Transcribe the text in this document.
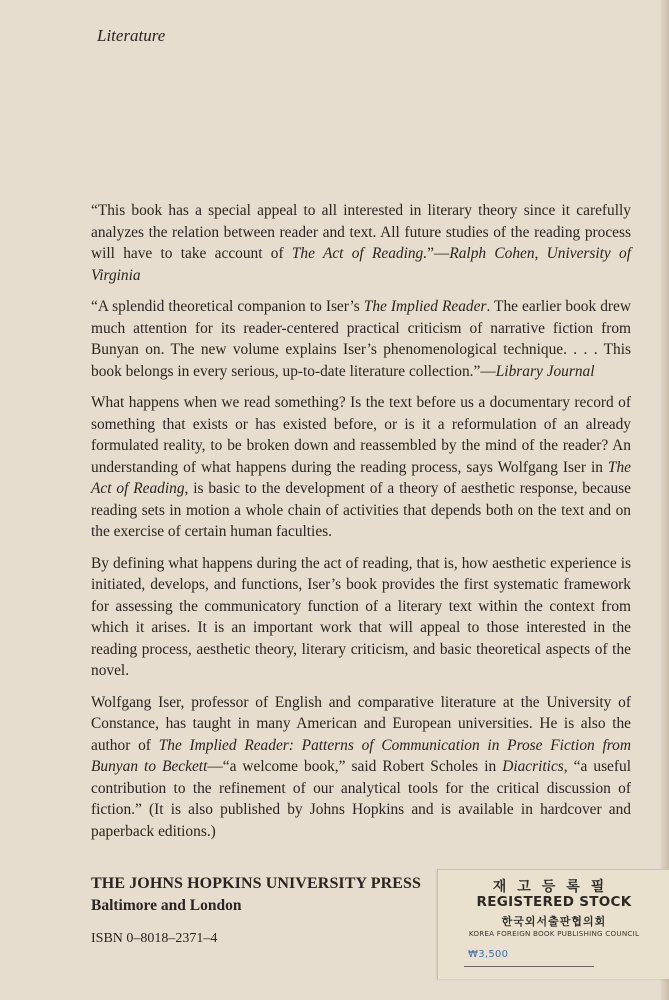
Literature

“This book has a special appeal to all interested in literary theory since it carefully analyzes the relation between reader and text. All future studies of the reading process will have to take account of The Act of Reading.”—Ralph Cohen, University of Virginia

“A splendid theoretical companion to Iser’s The Implied Reader. The earlier book drew much attention for its reader-centered practical criticism of narrative fiction from Bunyan on. The new volume explains Iser’s phenomenological technique. . . . This book belongs in every serious, up-to-date literature collection.”—Library Journal

What happens when we read something? Is the text before us a documentary record of something that exists or has existed before, or is it a reformulation of an already formulated reality, to be broken down and reassembled by the mind of the reader? An understanding of what happens during the reading process, says Wolfgang Iser in The Act of Reading, is basic to the development of a theory of aesthetic response, because reading sets in motion a whole chain of activities that depends both on the text and on the exercise of certain human faculties.

By defining what happens during the act of reading, that is, how aesthetic experience is initiated, develops, and functions, Iser’s book provides the first systematic framework for assessing the communicatory function of a literary text within the context from which it arises. It is an important work that will appeal to those interested in the reading process, aesthetic theory, literary criticism, and basic theoretical aspects of the novel.

Wolfgang Iser, professor of English and comparative literature at the University of Constance, has taught in many American and European universities. He is also the author of The Implied Reader: Patterns of Communication in Prose Fiction from Bunyan to Beckett—“a welcome book,” said Robert Scholes in Diacritics, “a useful contribution to the refinement of our analytical tools for the critical discussion of fiction.” (It is also published by Johns Hopkins and is available in hardcover and paperback editions.)

THE JOHNS HOPKINS UNIVERSITY PRESS
Baltimore and London
ISBN 0–8018–2371–4
재고등록필
REGISTERED STOCK
한국외서출판협의회
KOREA FOREIGN BOOK PUBLISHING COUNCIL
₩3,500
